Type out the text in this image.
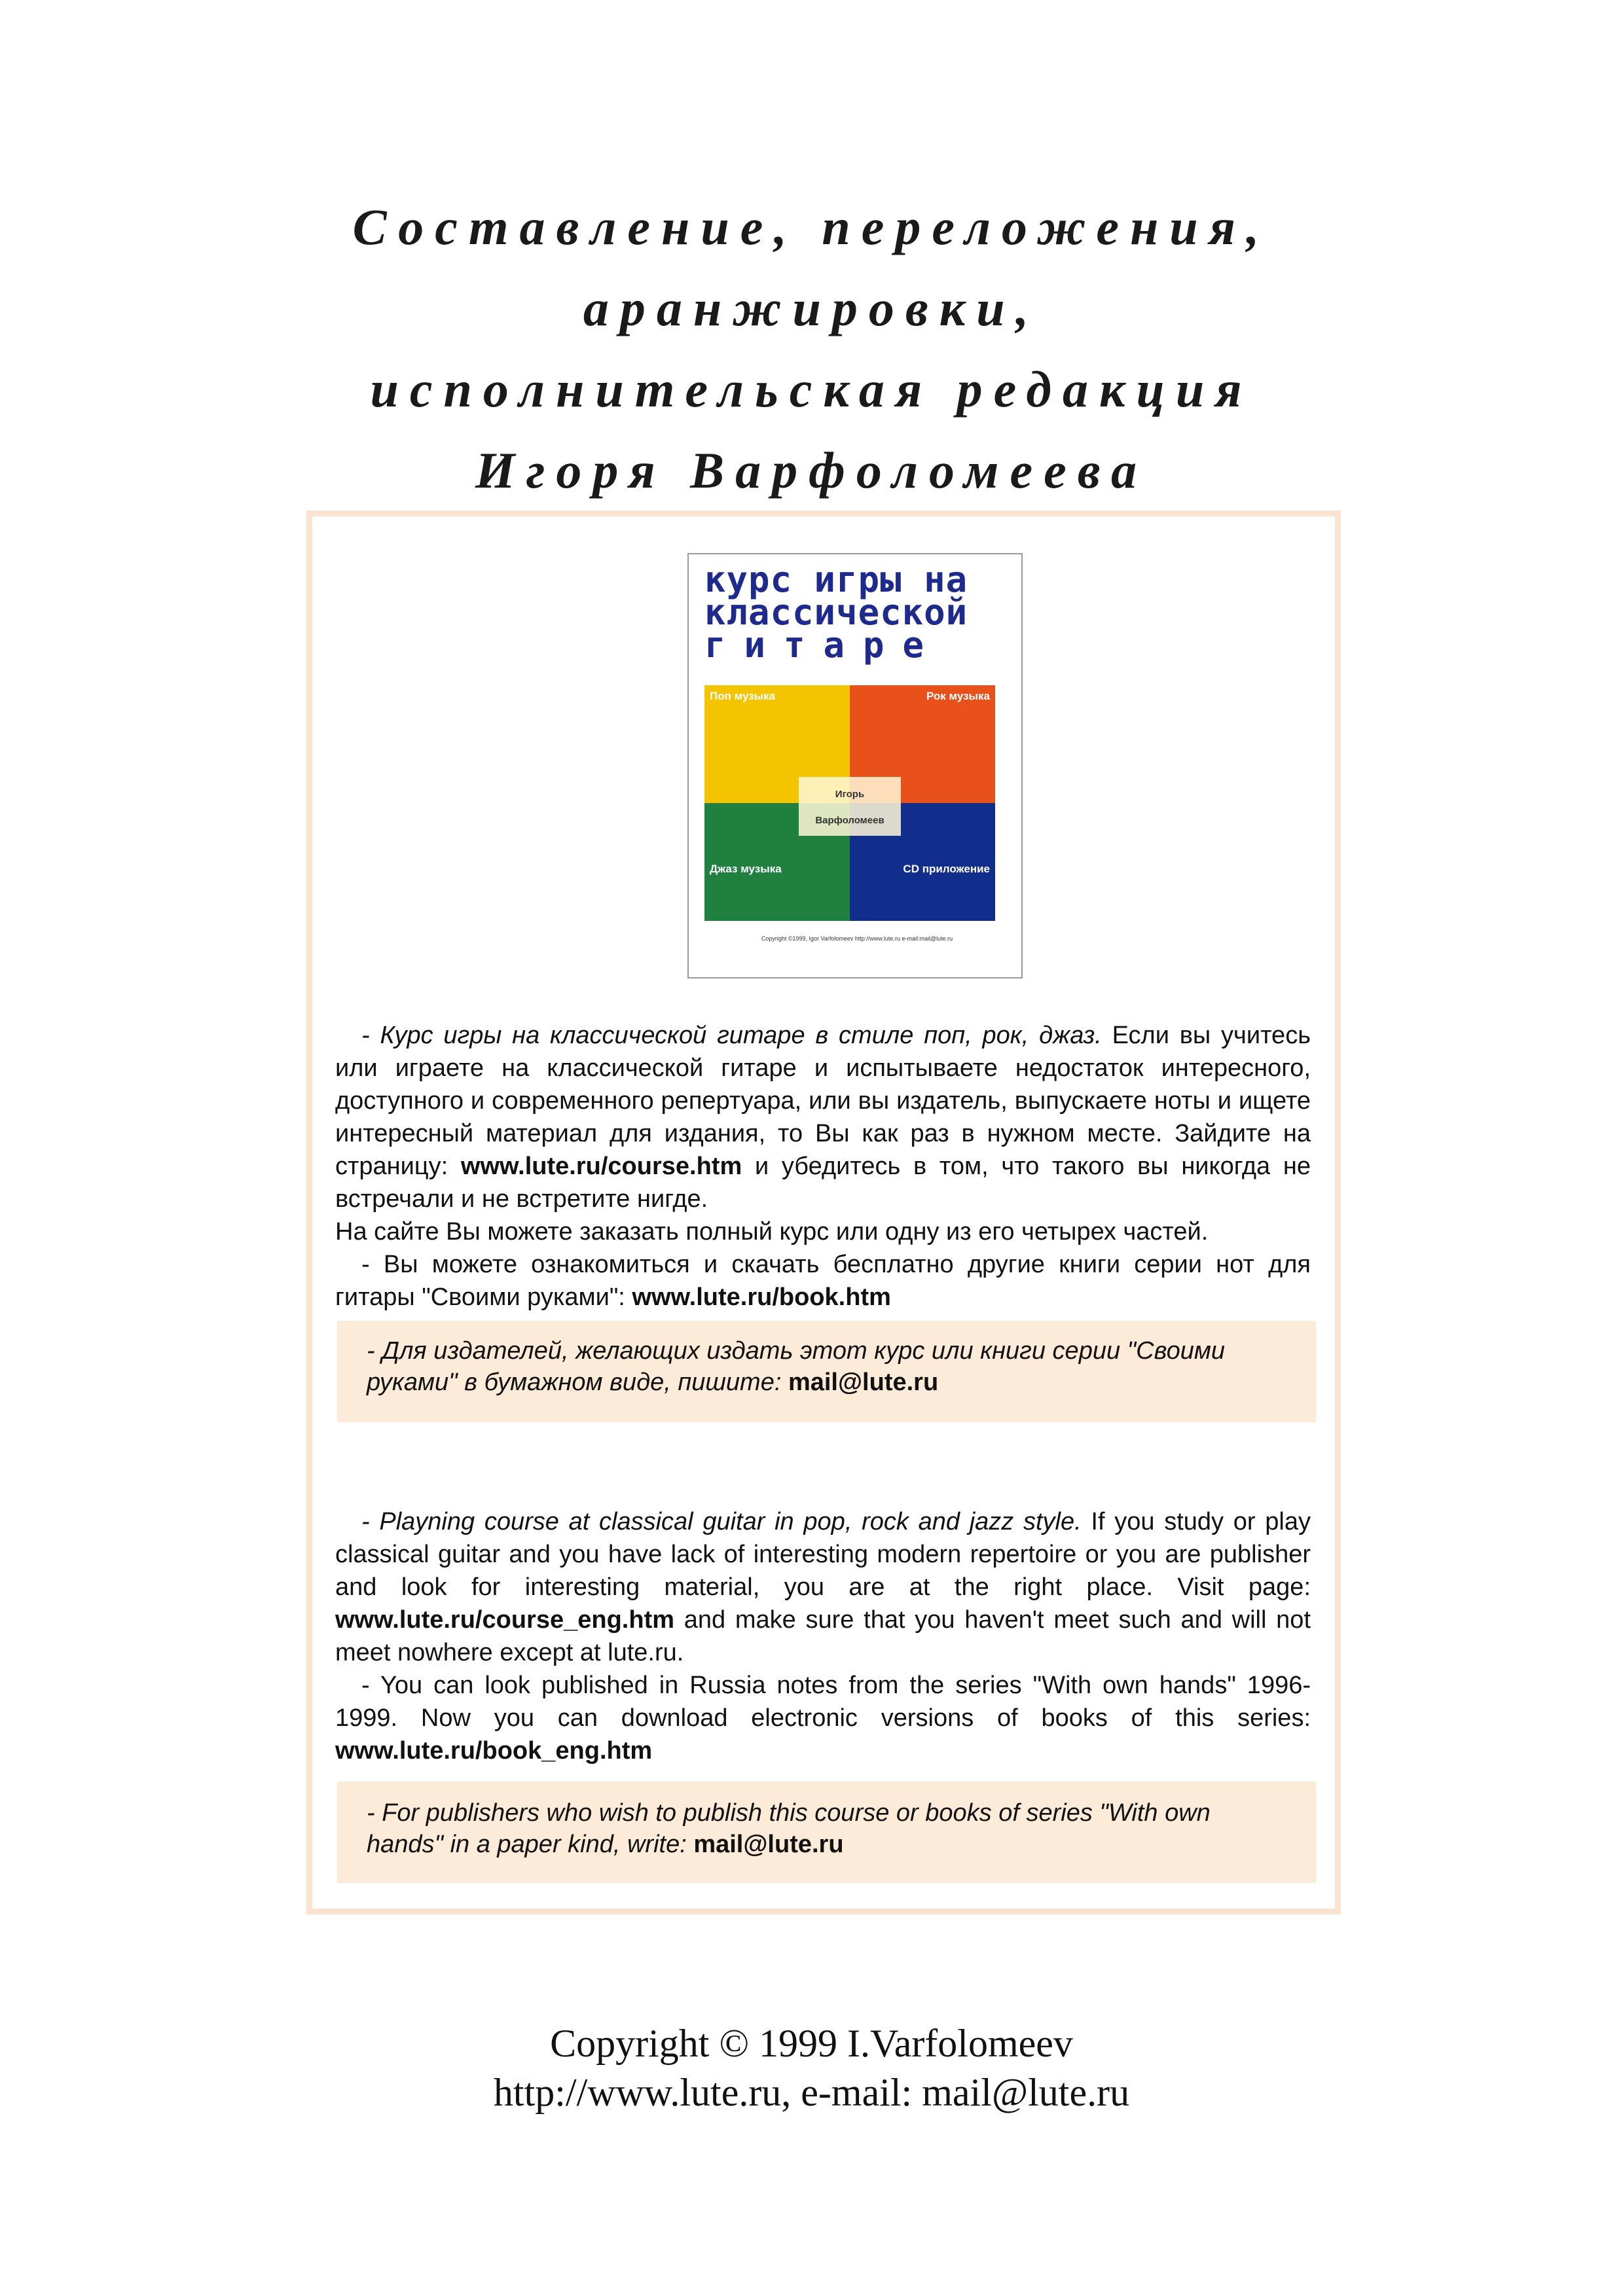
Составление, переложения,
аранжировки,
исполнительская редакция
Игоря Варфоломеева
курс игры на
классической
гитаре
Поп музыка	Рок музыка
Джаз музыка	CD приложение
Игорь
Варфоломеев
Copyright ©1999, Igor Varfolomeev http://www.lute.ru e-mail:mail@lute.ru

- Курс игры на классической гитаре в стиле поп, рок, джаз. Если вы учитесь или играете на классической гитаре и испытываете недостаток интересного, доступного и современного репертуара, или вы издатель, выпускаете ноты и ищете интересный материал для издания, то Вы как раз в нужном месте. Зайдите на страницу: www.lute.ru/course.htm и убедитесь в том, что такого вы никогда не встречали и не встретите нигде.

На сайте Вы можете заказать полный курс или одну из его четырех частей.

- Вы можете ознакомиться и скачать бесплатно другие книги серии нот для гитары "Своими руками": www.lute.ru/book.htm

- Для издателей, желающих издать этот курс или книги серии "Своими руками" в бумажном виде, пишите: mail@lute.ru

- Playning course at classical guitar in pop, rock and jazz style. If you study or play classical guitar and you have lack of interesting modern repertoire or you are publisher and look for interesting material, you are at the right place. Visit page: www.lute.ru/course_eng.htm and make sure that you haven't meet such and will not meet nowhere except at lute.ru.

- You can look published in Russia notes from the series "With own hands" 1996-1999. Now you can download electronic versions of books of this series: www.lute.ru/book_eng.htm

- For publishers who wish to publish this course or books of series "With own hands" in a paper kind, write: mail@lute.ru
Copyright © 1999 I.Varfolomeev
http://www.lute.ru, e-mail: mail@lute.ru
